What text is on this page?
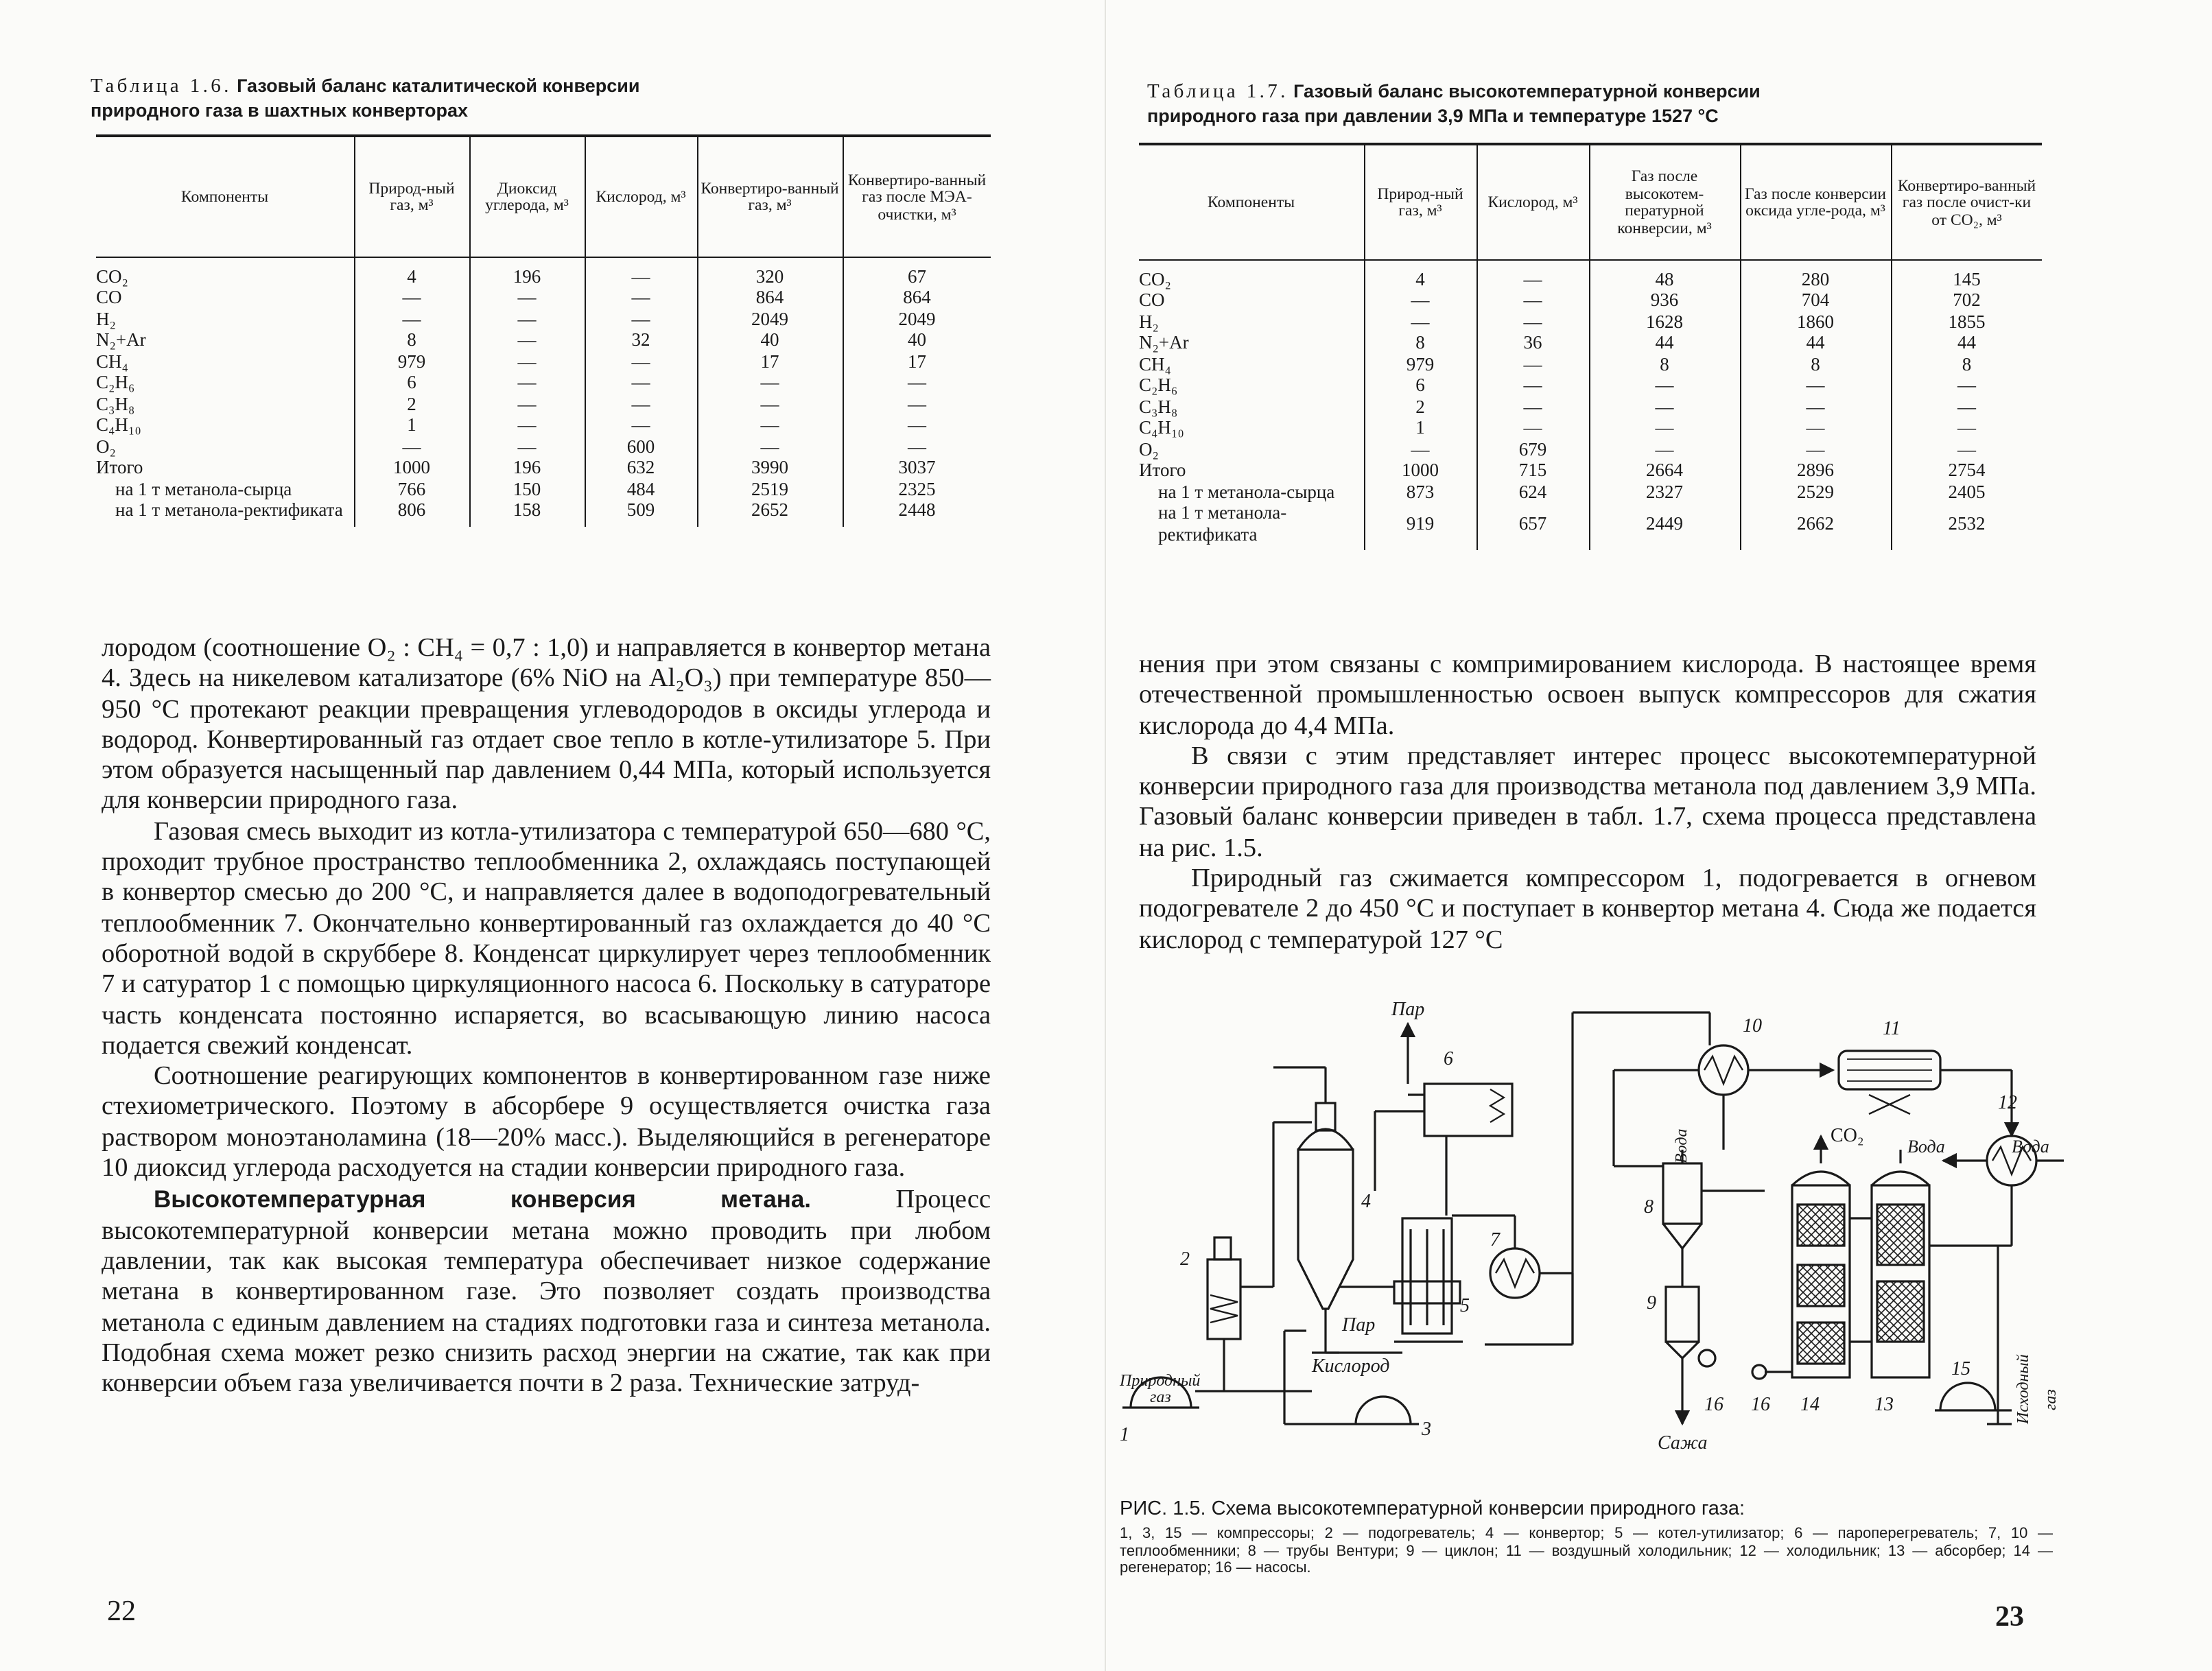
Таблица 1.6. Газовый баланс каталитической конверсии
природного газа в шахтных конверторах
Компоненты	Природ-ный газ, м³	Диоксид углерода, м³	Кислород, м³	Конвертиро-ванный газ, м³	Конвертиро-ванный газ после МЭА-очистки, м³
CO₂	4	196	—	320	67
CO	—	—	—	864	864
H₂	—	—	—	2049	2049
N₂+Ar	8	—	32	40	40
CH₄	979	—	—	17	17
C₂H₆	6	—	—	—	—
C₃H₈	2	—	—	—	—
C₄H₁₀	1	—	—	—	—
O₂	—	—	600	—	—
Итого	1000	196	632	3990	3037
на 1 т метанола-сырца	766	150	484	2519	2325
на 1 т метанола-ректификата	806	158	509	2652	2448

лородом (соотношение O₂ : CH₄ = 0,7 : 1,0) и направляется в конвертор метана 4. Здесь на никелевом катализаторе (6% NiO на Al₂O₃) при температуре 850—950 °C протекают реакции превращения углеводородов в оксиды углерода и водород. Конвертированный газ отдает свое тепло в котле-утилизаторе 5. При этом образуется насыщенный пар давлением 0,44 МПа, который используется для конверсии природного газа.

Газовая смесь выходит из котла-утилизатора с температурой 650—680 °C, проходит трубное пространство теплообменника 2, охлаждаясь поступающей в конвертор смесью до 200 °C, и направляется далее в водоподогревательный теплообменник 7. Окончательно конвертированный газ охлаждается до 40 °C оборотной водой в скруббере 8. Конденсат циркулирует через теплообменник 7 и сатуратор 1 с помощью циркуляционного насоса 6. Поскольку в сатураторе часть конденсата постоянно испаряется, во всасывающую линию насоса подается свежий конденсат.

Соотношение реагирующих компонентов в конвертированном газе ниже стехиометрического. Поэтому в абсорбере 9 осуществляется очистка газа раствором моноэтаноламина (18—20% масс.). Выделяющийся в регенераторе 10 диоксид углерода расходуется на стадии конверсии природного газа.

Высокотемпературная конверсия метана. Процесс высокотемпературной конверсии метана можно проводить при любом давлении, так как высокая температура обеспечивает низкое содержание метана в конвертированном газе. Это позволяет создать производства метанола с единым давлением на стадиях подготовки газа и синтеза метанола. Подобная схема может резко снизить расход энергии на сжатие, так как при конверсии объем газа увеличивается почти в 2 раза. Технические затруд-

22
Таблица 1.7. Газовый баланс высокотемпературной конверсии
природного газа при давлении 3,9 МПа и температуре 1527 °C
Компоненты	Природ-ный газ, м³	Кислород, м³	Газ после высокотем-пературной конверсии, м³	Газ после конверсии оксида угле-рода, м³	Конвертиро-ванный газ после очист-ки от CO₂, м³
CO₂	4	—	48	280	145
CO	—	—	936	704	702
H₂	—	—	1628	1860	1855
N₂+Ar	8	36	44	44	44
CH₄	979	—	8	8	8
C₂H₆	6	—	—	—	—
C₃H₈	2	—	—	—	—
C₄H₁₀	1	—	—	—	—
O₂	—	679	—	—	—
Итого	1000	715	2664	2896	2754
на 1 т метанола-сырца	873	624	2327	2529	2405
на 1 т метанола-ректификата	919	657	2449	2662	2532

нения при этом связаны с компримированием кислорода. В настоящее время отечественной промышленностью освоен выпуск компрессоров для сжатия кислорода до 4,4 МПа.

В связи с этим представляет интерес процесс высокотемпературной конверсии природного газа для производства метанола под давлением 3,9 МПа. Газовый баланс конверсии приведен в табл. 1.7, схема процесса представлена на рис. 1.5.

Природный газ сжимается компрессором 1, подогревается в огневом подогревателе 2 до 450 °C и поступает в конвертор метана 4. Сюда же подается кислород с температурой 127 °C

Пар
Пар
Кислород
Природный
газ
Вода	Вода	Вода
CO₂
Сажа
Исходный газ
1
2
3
4
5
6
7
8
9
10	11
12
13
14
15
16	16
РИС. 1.5. Схема высокотемпературной конверсии природного газа:
1, 3, 15 — компрессоры; 2 — подогреватель; 4 — конвертор; 5 — котел-утилизатор; 6 — пароперегреватель; 7, 10 — теплообменники; 8 — трубы Вентури; 9 — циклон; 11 — воздушный холодильник; 12 — холодильник; 13 — абсорбер; 14 — регенератор; 16 — насосы.
23
